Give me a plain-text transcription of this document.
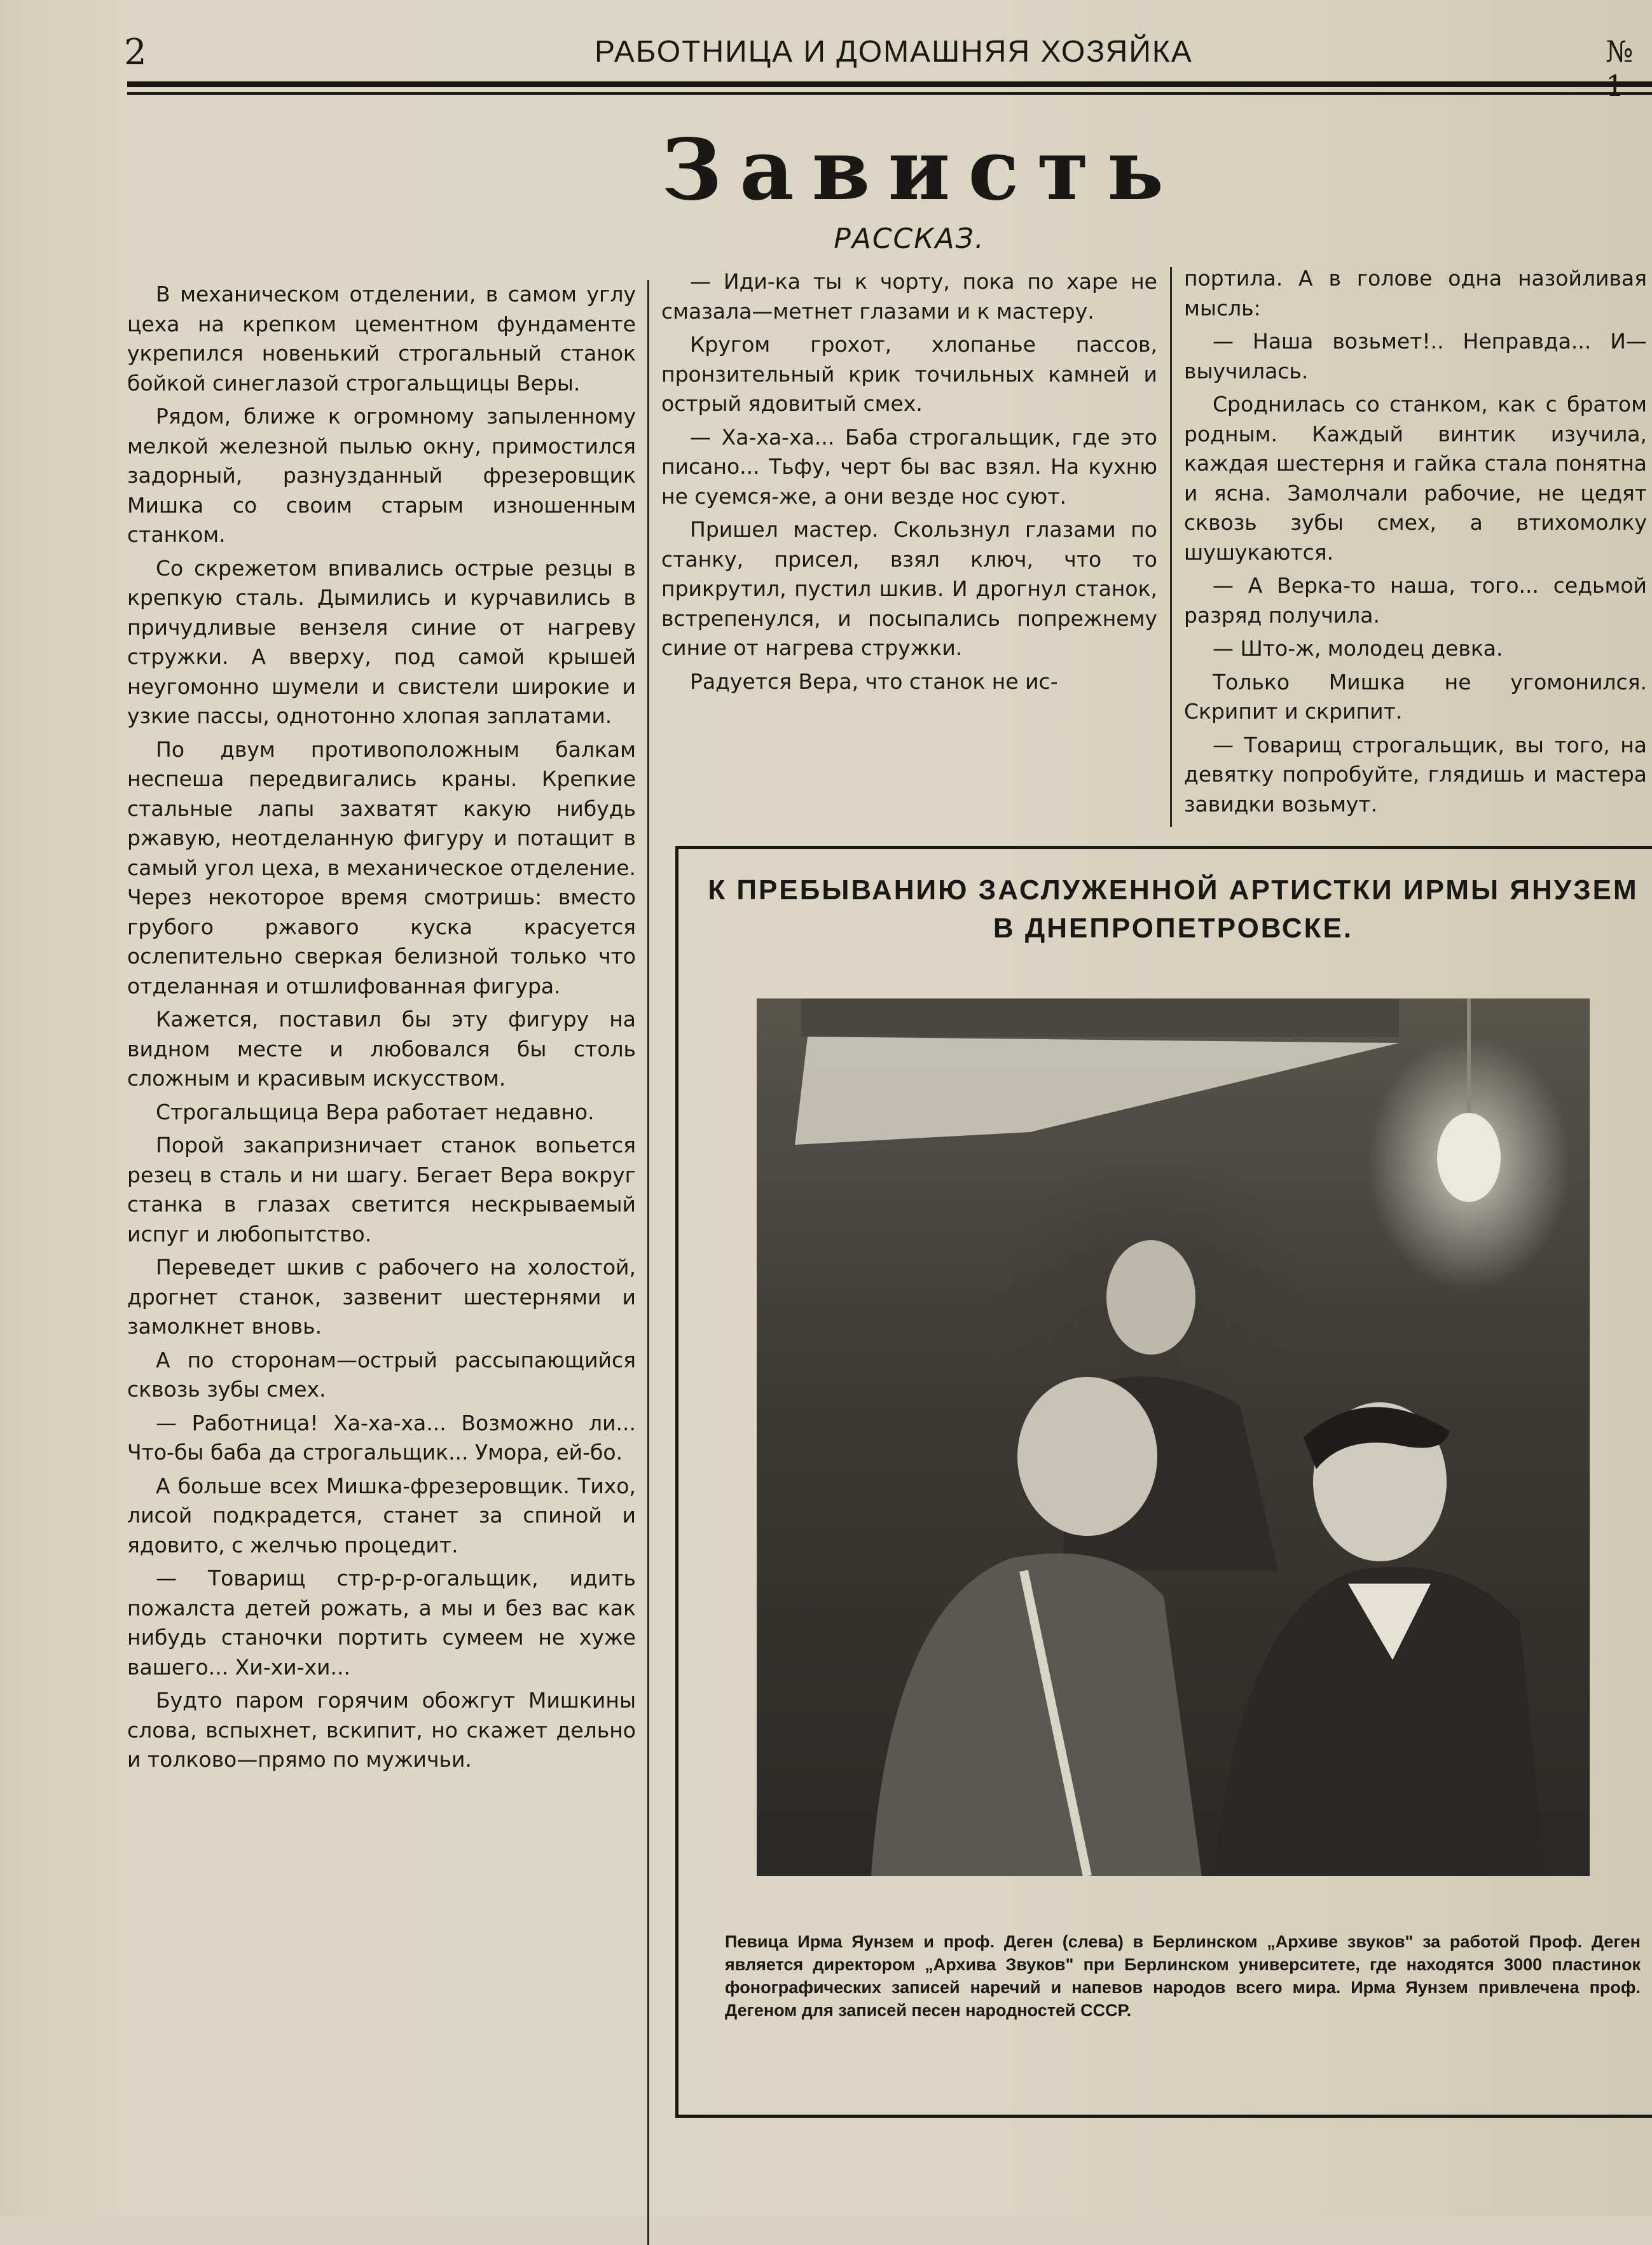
2	РАБОТНИЦА И ДОМАШНЯЯ ХОЗЯЙКА	№
Зависть
РАССКАЗ.

В механическом отделении, в самом углу цеха на крепком цементном фундаменте укрепился новенький строгальный станок бойкой синеглазой строгальщицы Веры.

Рядом, ближе к огромному запыленному мелкой железной пылью окну, примостился задорный, разнузданный фрезеровщик Мишка со своим старым изношенным станком.

Со скрежетом впивались острые резцы в крепкую сталь. Дымились и курчавились в причудливые вензеля синие от нагреву стружки. А вверху, под самой крышей неугомонно шумели и свистели широкие и узкие пассы, однотонно хлопая заплатами.

По двум противоположным балкам неспеша передвигались краны. Крепкие стальные лапы захватят какую нибудь ржавую, неотделанную фигуру и потащит в самый угол цеха, в механическое отделение. Через некоторое время смотришь: вместо грубого ржавого куска красуется ослепительно сверкая белизной только что отделанная и отшлифованная фигура.

Кажется, поставил бы эту фигуру на видном месте и любовался бы столь сложным и красивым искусством.

Строгальщица Вера работает недавно.

Порой закапризничает станок вопьется резец в сталь и ни шагу. Бегает Вера вокруг станка в глазах светится нескрываемый испуг и любопытство.

Переведет шкив с рабочего на холостой, дрогнет станок, зазвенит шестернями и замолкнет вновь.

А по сторонам—острый рассыпающийся сквозь зубы смех.

— Работница! Ха-ха-ха... Возможно ли... Что-бы баба да строгальщик... Умора, ей-бо.

А больше всех Мишка-фрезеровщик. Тихо, лисой подкрадется, станет за спиной и ядовито, с желчью процедит.

— Товарищ стр-р-р-огальщик, идить пожалста детей рожать, а мы и без вас как нибудь станочки портить сумеем не хуже вашего... Хи-хи-хи...

Будто паром горячим обожгут Мишкины слова, вспыхнет, вскипит, но скажет дельно и толково—прямо по мужичьи.

— Иди-ка ты к чорту, пока по харе не смазала—метнет глазами и к мастеру.

Кругом грохот, хлопанье пассов, пронзительный крик точильных камней и острый ядовитый смех.

— Ха-ха-ха... Баба строгальщик, где это писано... Тьфу, черт бы вас взял. На кухню не суемся-же, а они везде нос суют.

Пришел мастер. Скользнул глазами по станку, присел, взял ключ, что то прикрутил, пустил шкив. И дрогнул станок, встрепенулся, и посыпались попрежнему синие от нагрева стружки.

Радуется Вера, что станок не ис-

портила. А в голове одна назойливая мысль:

— Наша возьмет!.. Неправда... И—выучилась.

Сроднилась со станком, как с братом родным. Каждый винтик изучила, каждая шестерня и гайка стала понятна и ясна. Замолчали рабочие, не цедят сквозь зубы смех, а втихомолку шушукаются.

— А Верка-то наша, того... седьмой разряд получила.

— Што-ж, молодец девка.

Только Мишка не угомонился. Скрипит и скрипит.

— Товарищ строгальщик, вы того, на девятку попробуйте, глядишь и мастера завидки возьмут.

К ПРЕБЫВАНИЮ ЗАСЛУЖЕННОЙ АРТИСТКИ ИРМЫ ЯНУЗЕМ В ДНЕПРОПЕТРОВСКЕ.
Певица Ирма Яунзем и проф. Деген (слева) в Берлинском „Архиве звуков" за работой Проф. Деген является директором „Архива Звуков" при Берлинском университете, где находятся 3000 пластинок фонографических записей наречий и напевов народов всего мира. Ирма Яунзем привлечена проф. Дегеном для записей песен народностей СССР.
